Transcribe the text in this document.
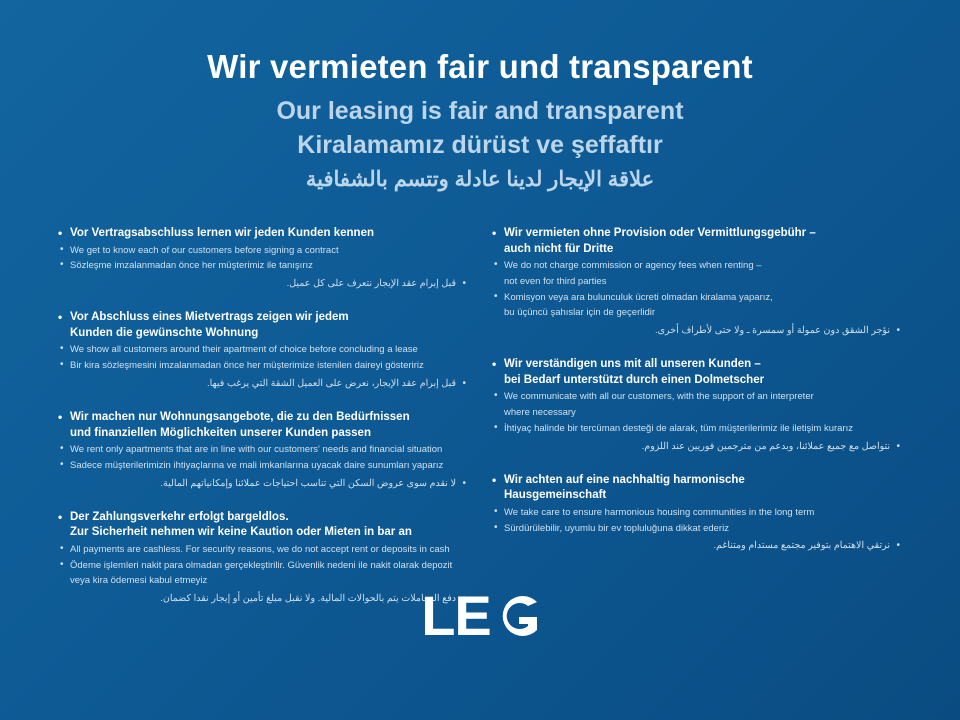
Wir vermieten fair und transparent
Our leasing is fair and transparent
Kiralamamız dürüst ve şeffaftır
علاقة الإيجار لدينا عادلة وتتسم بالشفافية
• Vor Vertragsabschluss lernen wir jeden Kunden kennen
• We get to know each of our customers before signing a contract
• Sözleşme imzalanmadan önce her müşterimiz ile tanışırız
• قبل إبرام عقد الإيجار نتعرف على كل عميل.
• Vor Abschluss eines Mietvertrags zeigen wir jedem
Kunden die gewünschte Wohnung
• We show all customers around their apartment of choice before concluding a lease
• Bir kira sözleşmesini imzalanmadan önce her müşterimize istenilen daireyi gösteririz
• قبل إبرام عقد الإيجار، نعرض على العميل الشقة التي يرغب فيها.
• Wir machen nur Wohnungsangebote, die zu den Bedürfnissen
und finanziellen Möglichkeiten unserer Kunden passen
• We rent only apartments that are in line with our customers' needs and financial situation
• Sadece müşterilerimizin ihtiyaçlarına ve mali imkanlarına uyacak daire sunumları yaparız
• لا نقدم سوى عروض السكن التي تناسب احتياجات عملائنا وإمكانياتهم المالية.
• Der Zahlungsverkehr erfolgt bargeldlos.
Zur Sicherheit nehmen wir keine Kaution oder Mieten in bar an
• All payments are cashless. For security reasons, we do not accept rent or deposits in cash
• Ödeme işlemleri nakit para olmadan gerçekleştirilir. Güvenlik nedeni ile nakit olarak depozit
veya kira ödemesi kabul etmeyiz
• دفع المعاملات يتم بالحوالات المالية. ولا نقبل مبلغ تأمين أو إيجار نقدا كضمان.
• Wir vermieten ohne Provision oder Vermittlungsgebühr –
auch nicht für Dritte
• We do not charge commission or agency fees when renting –
not even for third parties
• Komisyon veya ara bulunculuk ücreti olmadan kiralama yaparız,
bu üçüncü şahıslar için de geçerlidir
• نؤجر الشقق دون عمولة أو سمسرة ـ ولا حتى لأطراف أخرى.
• Wir verständigen uns mit all unseren Kunden –
bei Bedarf unterstützt durch einen Dolmetscher
• We communicate with all our customers, with the support of an interpreter
where necessary
• İhtiyaç halinde bir tercüman desteği de alarak, tüm müşterilerimiz ile iletişim kurarız
• نتواصل مع جميع عملائنا، وبدعم من مترجمين فوريين عند اللزوم.
• Wir achten auf eine nachhaltig harmonische
Hausgemeinschaft
• We take care to ensure harmonious housing communities in the long term
• Sürdürülebilir, uyumlu bir ev topluluğuna dikkat ederiz
• نرتقي الاهتمام بتوفير مجتمع مستدام ومتناغم.
LE
